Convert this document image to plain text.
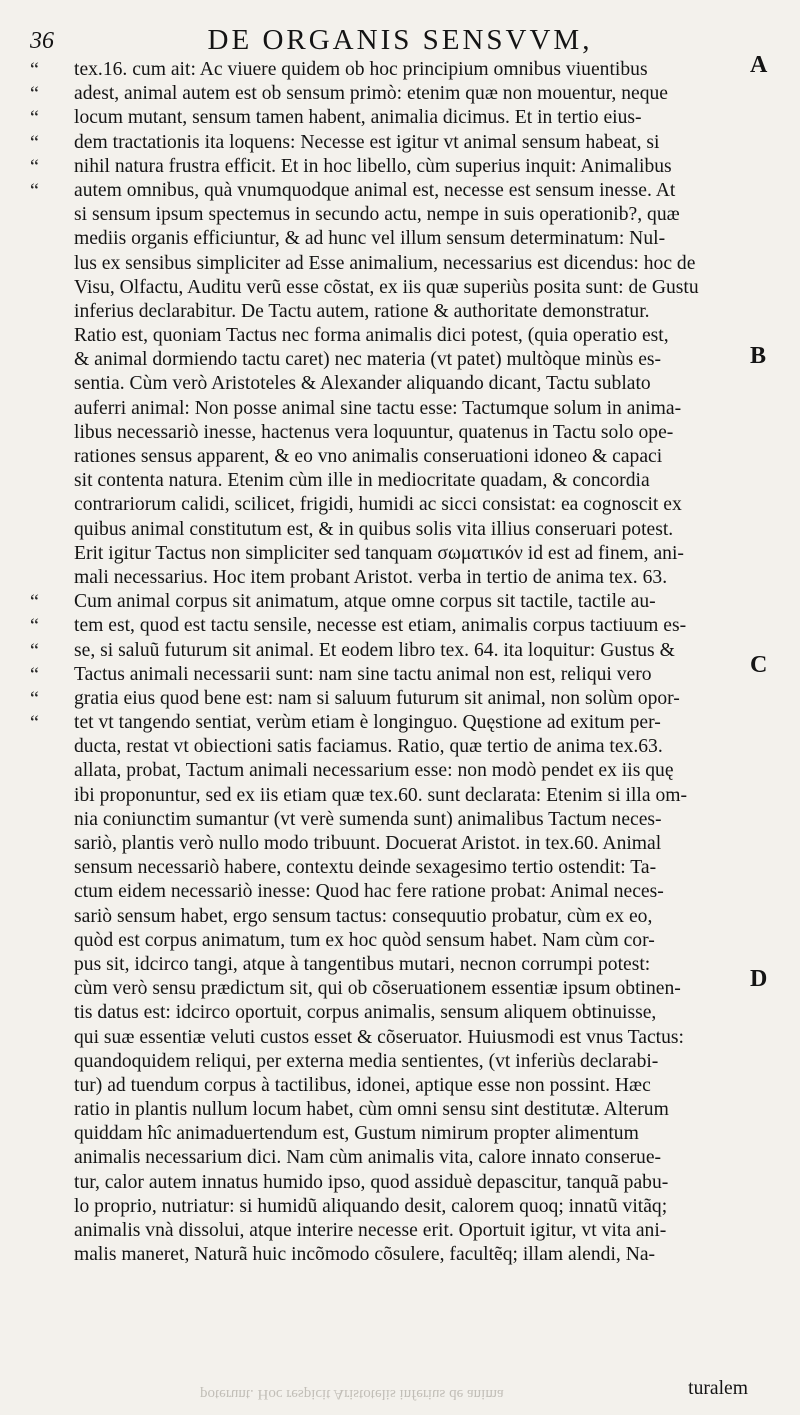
36	DE ORGANIS SENSVVM,
“	tex.16. cum ait: Ac viuere quidem ob hoc principium omnibus viuentibus
“	adest, animal autem est ob sensum primò: etenim quæ non mouentur, neque
“	locum mutant, sensum tamen habent, animalia dicimus. Et in tertio eius-
“	dem tractationis ita loquens: Necesse est igitur vt animal sensum habeat, si
“	nihil natura frustra efficit. Et in hoc libello, cùm superius inquit: Animalibus
“	autem omnibus, quà vnumquodque animal est, necesse est sensum inesse. At
si sensum ipsum spectemus in secundo actu, nempe in suis operationib?, quæ
mediis organis efficiuntur, & ad hunc vel illum sensum determinatum: Nul-
lus ex sensibus simpliciter ad Esse animalium, necessarius est dicendus: hoc de
Visu, Olfactu, Auditu verũ esse cõstat, ex iis quæ superiùs posita sunt: de Gustu
inferius declarabitur. De Tactu autem, ratione & authoritate demonstratur.
Ratio est, quoniam Tactus nec forma animalis dici potest, (quia operatio est,
& animal dormiendo tactu caret) nec materia (vt patet) multòque minùs es-
sentia. Cùm verò Aristoteles & Alexander aliquando dicant, Tactu sublato
auferri animal: Non posse animal sine tactu esse: Tactumque solum in anima-
libus necessariò inesse, hactenus vera loquuntur, quatenus in Tactu solo ope-
rationes sensus apparent, & eo vno animalis conseruationi idoneo & capaci
sit contenta natura. Etenim cùm ille in mediocritate quadam, & concordia
contrariorum calidi, scilicet, frigidi, humidi ac sicci consistat: ea cognoscit ex
quibus animal constitutum est, & in quibus solis vita illius conseruari potest.
Erit igitur Tactus non simpliciter sed tanquam σωματικόν id est ad finem, ani-
mali necessarius. Hoc item probant Aristot. verba in tertio de anima tex. 63.
“	Cum animal corpus sit animatum, atque omne corpus sit tactile, tactile au-
“	tem est, quod est tactu sensile, necesse est etiam, animalis corpus tactiuum es-
“	se, si saluũ futurum sit animal. Et eodem libro tex. 64. ita loquitur: Gustus &
“	Tactus animali necessarii sunt: nam sine tactu animal non est, reliqui vero
“	gratia eius quod bene est: nam si saluum futurum sit animal, non solùm opor-
“	tet vt tangendo sentiat, verùm etiam è longinguo. Quęstione ad exitum per-
ducta, restat vt obiectioni satis faciamus. Ratio, quæ tertio de anima tex.63.
allata, probat, Tactum animali necessarium esse: non modò pendet ex iis quę
ibi proponuntur, sed ex iis etiam quæ tex.60. sunt declarata: Etenim si illa om-
nia coniunctim sumantur (vt verè sumenda sunt) animalibus Tactum neces-
sariò, plantis verò nullo modo tribuunt. Docuerat Aristot. in tex.60. Animal
sensum necessariò habere, contextu deinde sexagesimo tertio ostendit: Ta-
ctum eidem necessariò inesse: Quod hac fere ratione probat: Animal neces-
sariò sensum habet, ergo sensum tactus: consequutio probatur, cùm ex eo,
quòd est corpus animatum, tum ex hoc quòd sensum habet. Nam cùm cor-
pus sit, idcirco tangi, atque à tangentibus mutari, necnon corrumpi potest:
cùm verò sensu prædictum sit, qui ob cõseruationem essentiæ ipsum obtinen-
tis datus est: idcirco oportuit, corpus animalis, sensum aliquem obtinuisse,
qui suæ essentiæ veluti custos esset & cõseruator. Huiusmodi est vnus Tactus:
quandoquidem reliqui, per externa media sentientes, (vt inferiùs declarabi-
tur) ad tuendum corpus à tactilibus, idonei, aptique esse non possint. Hæc
ratio in plantis nullum locum habet, cùm omni sensu sint destitutæ. Alterum
quiddam hîc animaduertendum est, Gustum nimirum propter alimentum
animalis necessarium dici. Nam cùm animalis vita, calore innato conserue-
tur, calor autem innatus humido ipso, quod assiduè depascitur, tanquã pabu-
lo proprio, nutriatur: si humidũ aliquando desit, calorem quoq; innatũ vitãq;
animalis vnà dissolui, atque interire necesse erit. Oportuit igitur, vt vita ani-
malis maneret, Naturã huic incõmodo cõsulere, facultẽq; illam alendi, Na-
A
B
C
D
poterunt. Hoc respicit Aristotelis inferius de anima	turalem
